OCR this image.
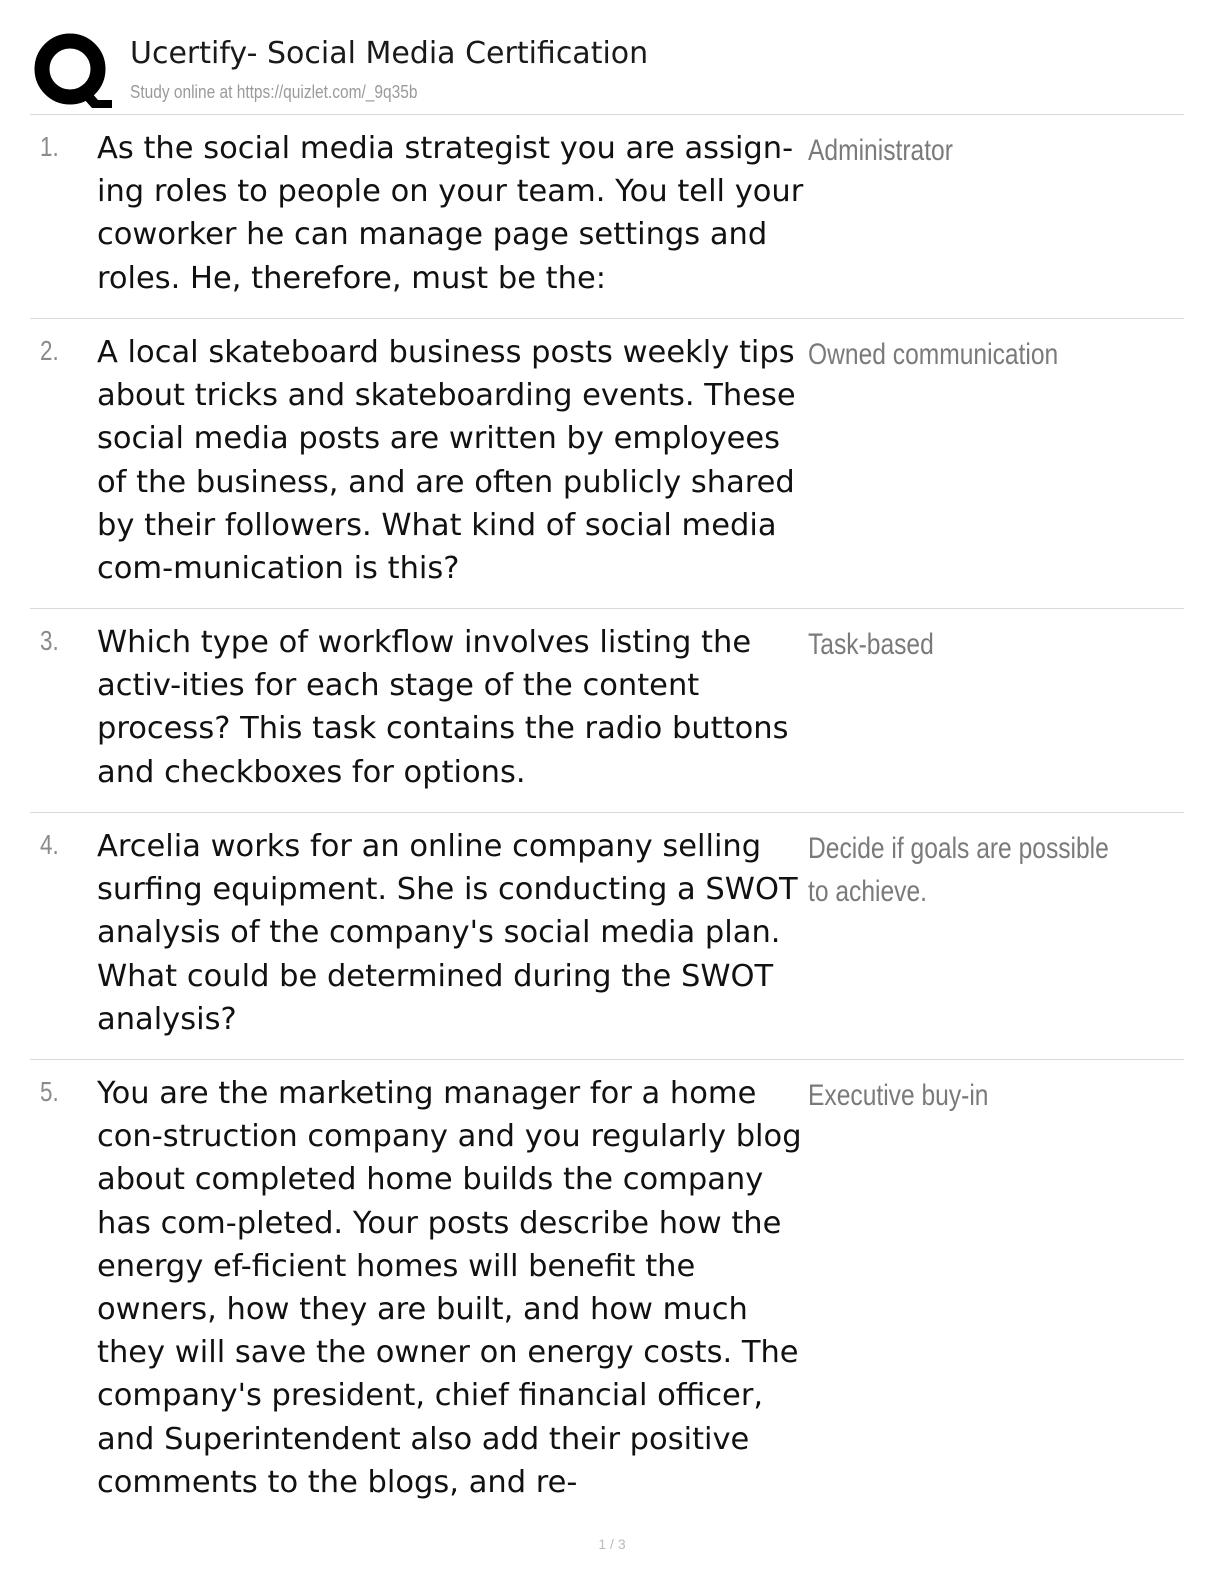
Ucertify- Social Media Certification
Study online at https://quizlet.com/_9q35b
1. As the social media strategist you are assign-ing roles to people on your team. You tell your coworker he can manage page settings and roles. He, therefore, must be the:
Administrator
2. A local skateboard business posts weekly tips about tricks and skateboarding events. These social media posts are written by employees of the business, and are often publicly shared by their followers. What kind of social media com-munication is this?
Owned communication
3. Which type of workflow involves listing the activ-ities for each stage of the content process? This task contains the radio buttons and checkboxes for options.
Task-based
4. Arcelia works for an online company selling surfing equipment. She is conducting a SWOT analysis of the company's social media plan. What could be determined during the SWOT analysis?
Decide if goals are possible to achieve.
5. You are the marketing manager for a home con-struction company and you regularly blog about completed home builds the company has com-pleted. Your posts describe how the energy ef-ficient homes will benefit the owners, how they are built, and how much they will save the owner on energy costs. The company's president, chief financial officer, and Superintendent also add their positive comments to the blogs, and re-
Executive buy-in
1 / 3
